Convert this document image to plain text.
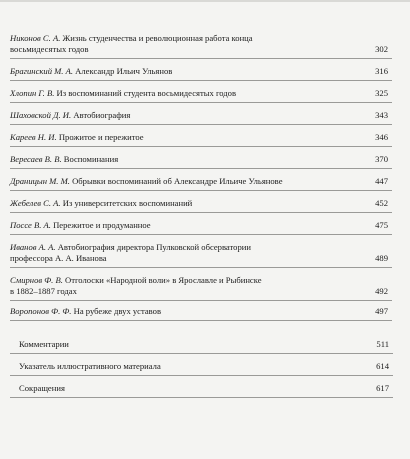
Никонов С. А. Жизнь студенчества и революционная работа конца
восьмидесятых годов	302
Брагинский М. А. Александр Ильич Ульянов	316
Хлопин Г. В. Из воспоминаний студента восьмидесятых годов	325
Шаховской Д. И. Автобиография	343
Кареев Н. И. Прожитое и пережитое	346
Вересаев В. В. Воспоминания	370
Драницын М. М. Обрывки воспоминаний об Александре Ильиче Ульянове	447
Жебелев С. А. Из университетских воспоминаний	452
Поссе В. А. Пережитое и продуманное	475
Иванов А. А. Автобиография директора Пулковской обсерватории
профессора А. А. Иванова	489
Смирнов Ф. В. Отголоски «Народной воли» в Ярославле и Рыбинске
в 1882–1887 годах	492
Воропонов Ф. Ф. На рубеже двух уставов	497
Комментарии	511
Указатель иллюстративного материала	614
Сокращения	617
